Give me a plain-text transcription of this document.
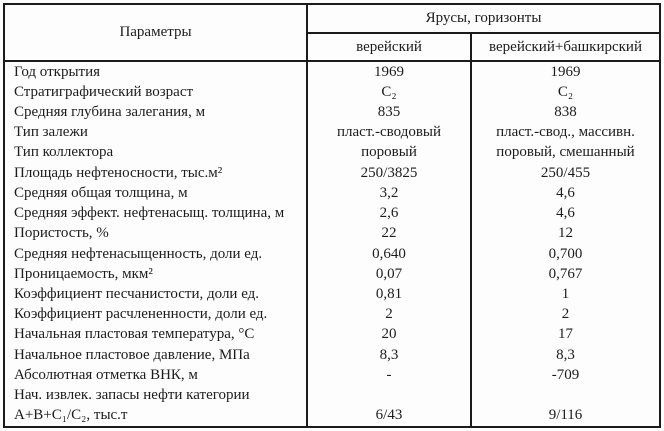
Параметры
Ярусы, горизонты
верейский	верейский+башкирский
Год открытия
Стратиграфический возраст
Средняя глубина залегания, м
Тип залежи
Тип коллектора
Площадь нефтеносности, тыс.м²
Средняя общая толщина, м
Средняя эффект. нефтенасыщ. толщина, м
Пористость, %
Средняя нефтенасыщенность, доли ед.
Проницаемость, мкм²
Коэффициент песчанистости, доли ед.
Коэффициент расчлененности, доли ед.
Начальная пластовая температура, °С
Начальное пластовое давление, МПа
Абсолютная отметка ВНК, м
Нач. извлек. запасы нефти категории
А+В+С₁/С₂, тыс.т
1969
С₂
835
пласт.-сводовый
поровый
250/3825
3,2
2,6
22
0,640
0,07
0,81
2
20
8,3
-
6/43
1969
С₂
838
пласт.-свод., массивн.
поровый, смешанный
250/455
4,6
4,6
12
0,700
0,767
1
2
17
8,3
-709
9/116
